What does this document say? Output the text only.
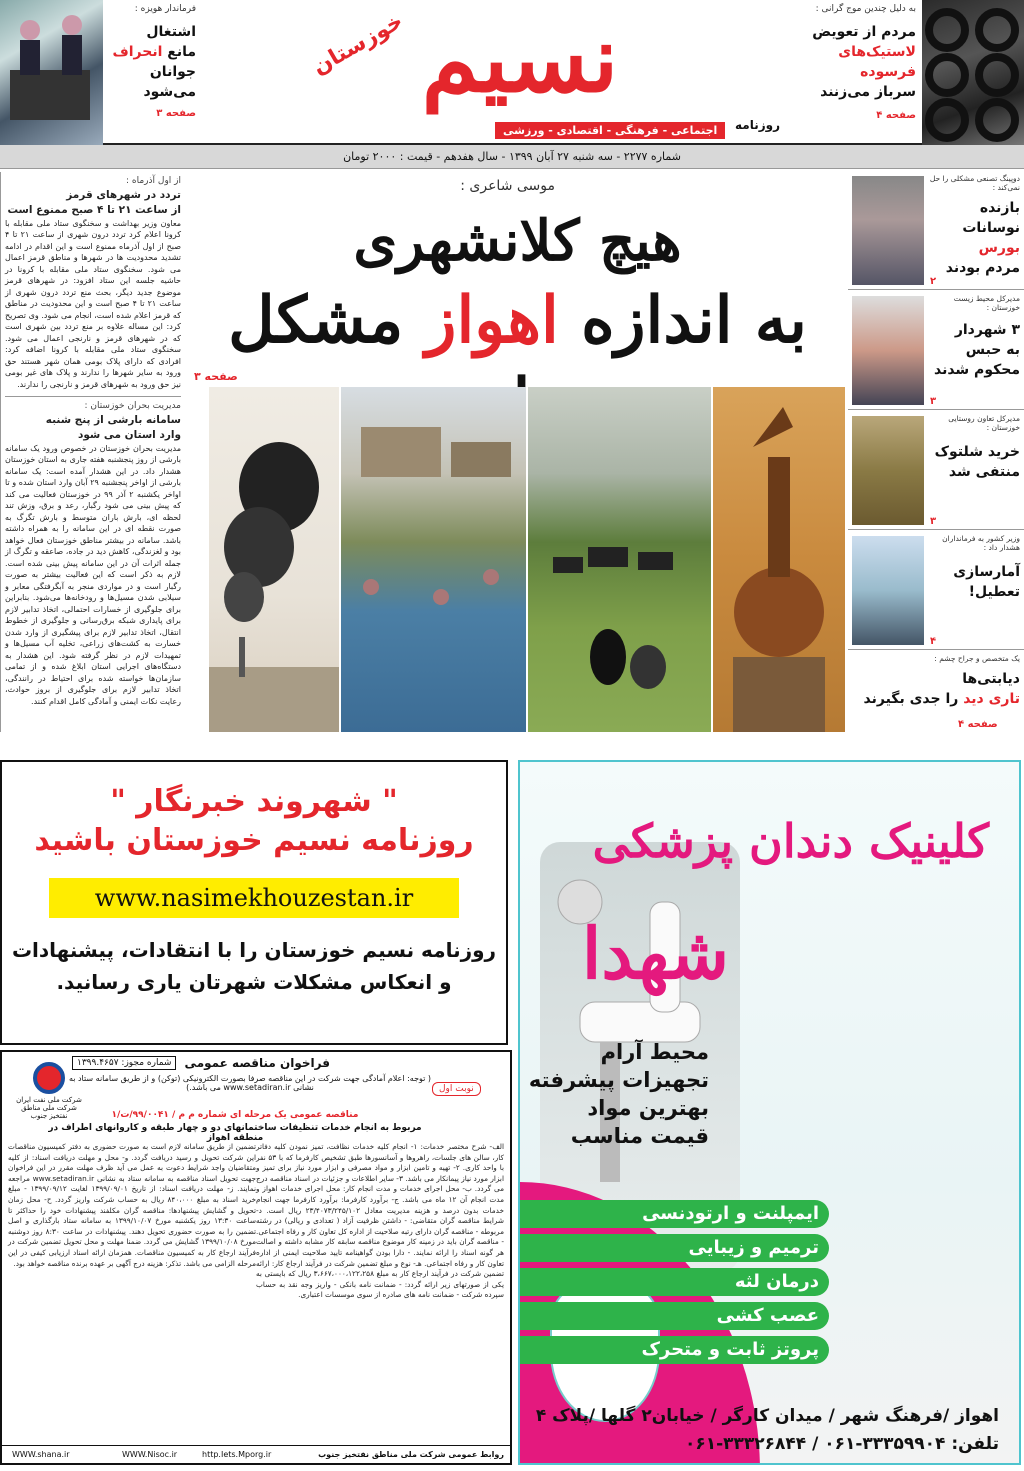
به دلیل چندین موج گرانی :
مردم از تعویض
لاستیک‌های فرسوده
سرباز می‌زنند
صفحه ۴
نسیم
خوزستان
روزنامه
اجتماعی - فرهنگی - اقتصادی - ورزشی
فرماندار هویزه :
اشتغال
مانع انحراف
جوانان می‌شود
صفحه ۳
شماره ۲۲۷۷ - سه شنبه ۲۷ آبان ۱۳۹۹ - سال هفدهم - قیمت : ۲۰۰۰ تومان
از اول آذرماه :
تردد در شهرهای قرمز
از ساعت ۲۱ تا ۴ صبح ممنوع است

معاون وزیر بهداشت و سخنگوی ستاد ملی مقابله با کرونا اعلام کرد تردد درون شهری از ساعت ۲۱ تا ۴ صبح از اول آذرماه ممنوع است و این اقدام در ادامه تشدید محدودیت ها در شهرها و مناطق قرمز اعمال می شود. سخنگوی ستاد ملی مقابله با کرونا در حاشیه جلسه این ستاد افزود: در شهرهای قرمز موضوع جدید دیگر، بحث منع تردد درون شهری از ساعت ۲۱ تا ۴ صبح است و این محدودیت در مناطق که قرمز اعلام شده است، انجام می شود. وی تصریح کرد: این مساله علاوه بر منع تردد بین شهری است که در شهرهای قرمز و نارنجی اعمال می شود. سخنگوی ستاد ملی مقابله با کرونا اضافه کرد: افرادی که دارای پلاک بومی همان شهر هستند حق ورود به سایر شهرها را ندارند و پلاک های غیر بومی نیز حق ورود به شهرهای قرمز و نارنجی را ندارند.

مدیریت بحران خوزستان :
سامانه بارشی از پنج شنبه
وارد استان می شود

مدیریت بحران خوزستان در خصوص ورود یک سامانه بارشی از روز پنجشنبه هفته جاری به استان خوزستان هشدار داد. در این هشدار آمده است: یک سامانه بارشی از اواخر پنجشنبه ۲۹ آبان وارد استان شده و تا اواخر یکشنبه ۲ آذر ۹۹ در خوزستان فعالیت می کند که پیش بینی می شود رگبار، رعد و برق، وزش تند لحظه ای، بارش باران متوسط و بارش تگرگ به صورت نقطه ای در این سامانه را به همراه داشته باشد. سامانه در بیشتر مناطق خوزستان فعال خواهد بود و لغزندگی، کاهش دید در جاده، صاعقه و تگرگ از جمله اثرات آن در این سامانه پیش بینی شده است. لازم به ذکر است که این فعالیت بیشتر به صورت رگبار است و در مواردی منجر به آبگرفتگی معابر و سیلابی شدن مسیل‌ها و رودخانه‌ها می‌شود. بنابراین برای جلوگیری از خسارات احتمالی، اتخاذ تدابیر لازم برای پایداری شبکه برق‌رسانی و جلوگیری از خطوط انتقال، اتخاذ تدابیر لازم برای پیشگیری از وارد شدن خسارت به کشت‌های زراعی، تخلیه آب مسیل‌ها و تمهیدات لازم در نظر گرفته شود. این هشدار به دستگاه‌های اجرایی استان ابلاغ شده و از تمامی سازمان‌ها خواسته شده برای احتیاط در رانندگی، اتخاذ تدابیر لازم برای جلوگیری از بروز حوادث، رعایت نکات ایمنی و آمادگی کامل اقدام کنند.

موسی شاعری :
هیچ کلانشهری
به اندازه اهواز مشکل
صفحه ۳
دوپینگ تصنعی مشکلی را حل نمی‌کند :
بازنده
نوسانات بورس
مردم بودند
۲
مدیرکل محیط زیست خوزستان :
۳ شهردار
به حبس
محکوم شدند
۳
مدیرکل تعاون روستایی خوزستان :
خرید شلتوک
منتفی شد
۳
وزیر کشور به فرمانداران هشدار داد :
آمارسازی
تعطیل!
۴
یک متخصص و جراح چشم :
دیابتی‌ها
تاری دید را جدی بگیرند
صفحه ۴
" شهروند خبرنگار "
روزنامه نسیم خوزستان باشید
www.nasimekhouzestan.ir
روزنامه نسیم خوزستان را با انتقادات، پیشنهادات
و انعکاس مشکلات شهرتان یاری رسانید.
کلینیک دندان پزشکی
شهدا
محیط آرام
تجهیزات پیشرفته
بهترین مواد
قیمت مناسب
ایمپلنت و ارتودنسی
ترمیم و زیبایی
درمان لثه
عصب کشی
پروتز ثابت و متحرک
اهواز /فرهنگ شهر / میدان کارگر / خیابان۲ گلها /پلاک ۴
تلفن: ۳۳۳۵۹۹۰۴-۰۶۱ / ۳۳۳۲۶۸۴۴-۰۶۱
فراخوان مناقصه عمومی
شماره مجوز: ۱۳۹۹.۴۶۵۷
نوبت اول
( توجه: اعلام آمادگی جهت شرکت در این مناقصه صرفا بصورت الکترونیکی (توکن) و از طریق سامانه ستاد به نشانی www.setadiran.ir می باشد.)
مناقصه عمومی یک مرحله ای شماره م م / ۹۹/۰۰۴۱/ت/۱
مربوط به انجام خدمات تنظیفات ساختمانهای دو و چهار طبقه و کاروانهای اطراف در منطقه اهواز
شرکت ملی نفت ایران
شرکت ملی مناطق نفتخیز جنوب
الف- شرح مختصر خدمات: ۱- انجام کلیه خدمات نظافت، تمیز نمودن کلیه دفاتر کار، سالن های جلسات، راهروها و آسانسورها طبق تشخیص کارفرما که با ۵۳ نفر با واحد کاری. ۲- تهیه و تامین ابزار و مواد مصرفی و ابزار مورد نیاز برای تمیز و ابزار مورد نیاز پیمانکار می باشد. ۳- سایر اطلاعات و جزئیات در اسناد مناقصه درج می گردد. ب- محل اجرای خدمات و مدت انجام کار: محل اجرای خدمات اهواز و مدت انجام آن ۱۲ ماه می باشد. ج- برآورد کارفرما: برآورد کارفرما جهت انجام خدمات بدون درصد و هزینه مدیریت معادل ۲۳/۴۰۷۳/۲۴۵/۱۰۲ ریال است. د- شرایط مناقصه گران متقاضی: - داشتن ظرفیت آزاد ( تعدادی و ریالی) در رشته مربوطه - مناقصه گران دارای رتبه صلاحیت از اداره کل تعاون کار و رفاه اجتماعی. - مناقصه گران باید در زمینه کار موضوع مناقصه سابقه کار مشابه داشته و اصالت هر گونه اسناد را ارائه نمایند. - دارا بودن گواهینامه تایید صلاحیت ایمنی از اداره تعاون کار و رفاه اجتماعی. هـ- نوع و مبلغ تضمین شرکت در فرآیند ارجاع کار: ارائه تضمین شرکت در فرآیند ارجاع کار به مبلغ ۳،۶۶۷،۰۰۰،۱۲۲،۲۵۸ ریال که بایستی به یکی از صورتهای زیر ارائه گردد: - ضمانت نامه بانکی - واریز وجه نقد به حساب سپرده شرکت - ضمانت نامه های صادره از سوی موسسات اعتباری.
تضمین از طریق سامانه لازم است به صورت حضوری به دفتر کمیسیون مناقصات این شرکت تحویل و رسید دریافت گردد. و- محل و مهلت دریافت اسناد: از کلیه متقاضیان واجد شرایط دعوت به عمل می آید ظرف مهلت مقرر در این فراخوان جهت تحویل اسناد مناقصه به سامانه ستاد به نشانی www.setadiran.ir مراجعه نمایند. ز- مهلت دریافت اسناد: از تاریخ ۱۳۹۹/۰۹/۰۱ لغایت ۱۳۹۹/۰۹/۱۲ - مبلغ خرید اسناد به مبلغ ۸۴۰،۰۰۰ ریال به حساب شرکت واریز گردد. ح- محل زمان تحویل و گشایش پیشنهادها: مناقصه گران مکلفند پیشنهادات خود را حداکثر تا ساعت ۱۳:۳۰ روز یکشنبه مورخ ۱۳۹۹/۱۰/۰۷ به سامانه ستاد بارگذاری و اصل تضمین را به صورت حضوری تحویل دهند. پیشنهادات در ساعت ۸:۳۰ روز دوشنبه مورخ ۱۳۹۹/۱۰/۰۸ گشایش می گردد. ضمنا مهلت و محل تحویل تضمین شرکت در فرآیند ارجاع کار به کمیسیون مناقصات. همزمان ارائه اسناد ارزیابی کیفی در این مرحله الزامی می باشد. تذکر: هزینه درج آگهی بر عهده برنده مناقصه خواهد بود.
روابط عمومی شرکت ملی مناطق نفتخیز جنوب
WWW.Nisoc.ir	http.Iets.Mporg.ir
WWW.shana.ir
